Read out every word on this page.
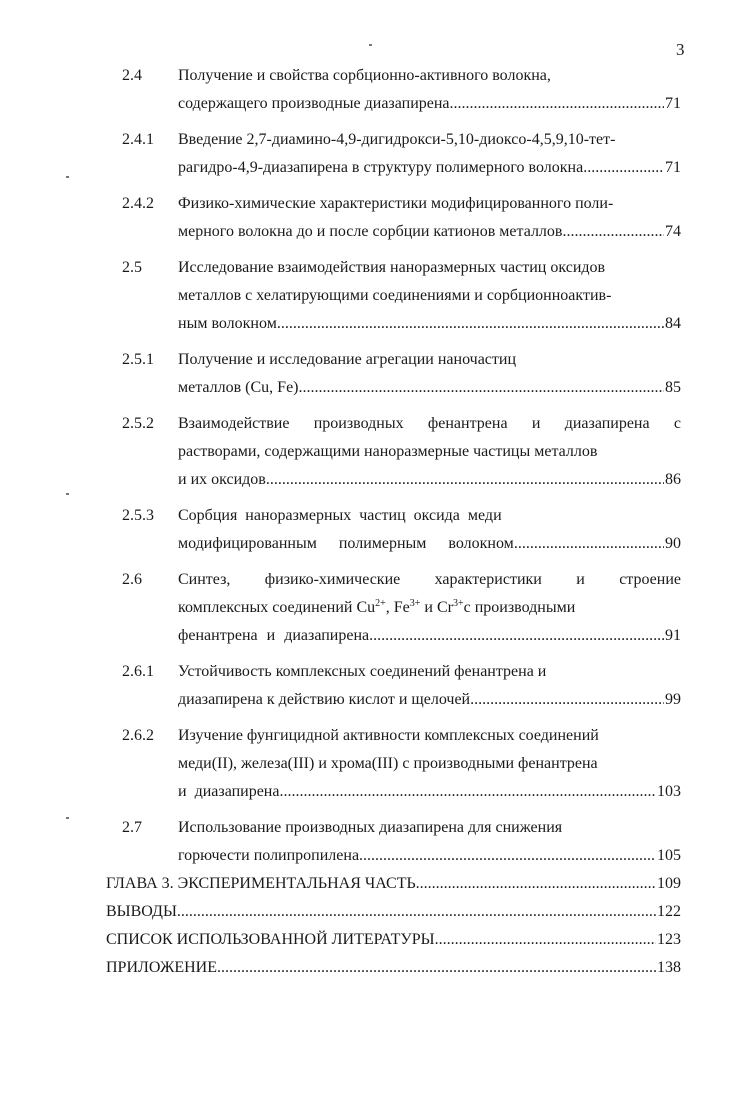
3
2.4 Получение и свойства сорбционно-активного волокна,
содержащего производные диазапирена .....	71
2.4.1 Введение 2,7-диамино-4,9-дигидрокси-5,10-диоксо-4,5,9,10-тет-
рагидро-4,9-диазапирена в структуру полимерного волокна .....	71
2.4.2 Физико-химические характеристики модифицированного поли-
мерного волокна до и после сорбции катионов металлов .....	74
2.5 Исследование взаимодействия наноразмерных частиц оксидов
металлов с хелатирующими соединениями и сорбционноактив-
ным волокном .....	84
2.5.1 Получение и исследование агрегации наночастиц
металлов (Cu, Fe) .....	85
2.5.2 Взаимодействие производных фенантрена и диазапирена с
растворами, содержащими наноразмерные частицы металлов
и их оксидов .....	86
2.5.3 Сорбция наноразмерных частиц оксида меди
модифицированным полимерным волокном .....	90
2.6 Синтез, физико-химические характеристики и строение
комплексных соединений $Cu^{2+}$, $Fe^{3+}$ и $Cr^{3+}с$ производными
фенантрена и диазапирена .....	91
2.6.1 Устойчивость комплексных соединений фенантрена и
диазапирена к действию кислот и щелочей .....	99
2.6.2 Изучение фунгицидной активности комплексных соединений
меди(II), железа(III) и хрома(III) с производными фенантрена
и диазапирена .....	103
2.7 Использование производных диазапирена для снижения
горючести полипропилена .....	105
ГЛАВА 3. ЭКСПЕРИМЕНТАЛЬНАЯ ЧАСТЬ .....	109
ВЫВОДЫ .....	122
СПИСОК ИСПОЛЬЗОВАННОЙ ЛИТЕРАТУРЫ .....	123
ПРИЛОЖЕНИЕ .....	138
